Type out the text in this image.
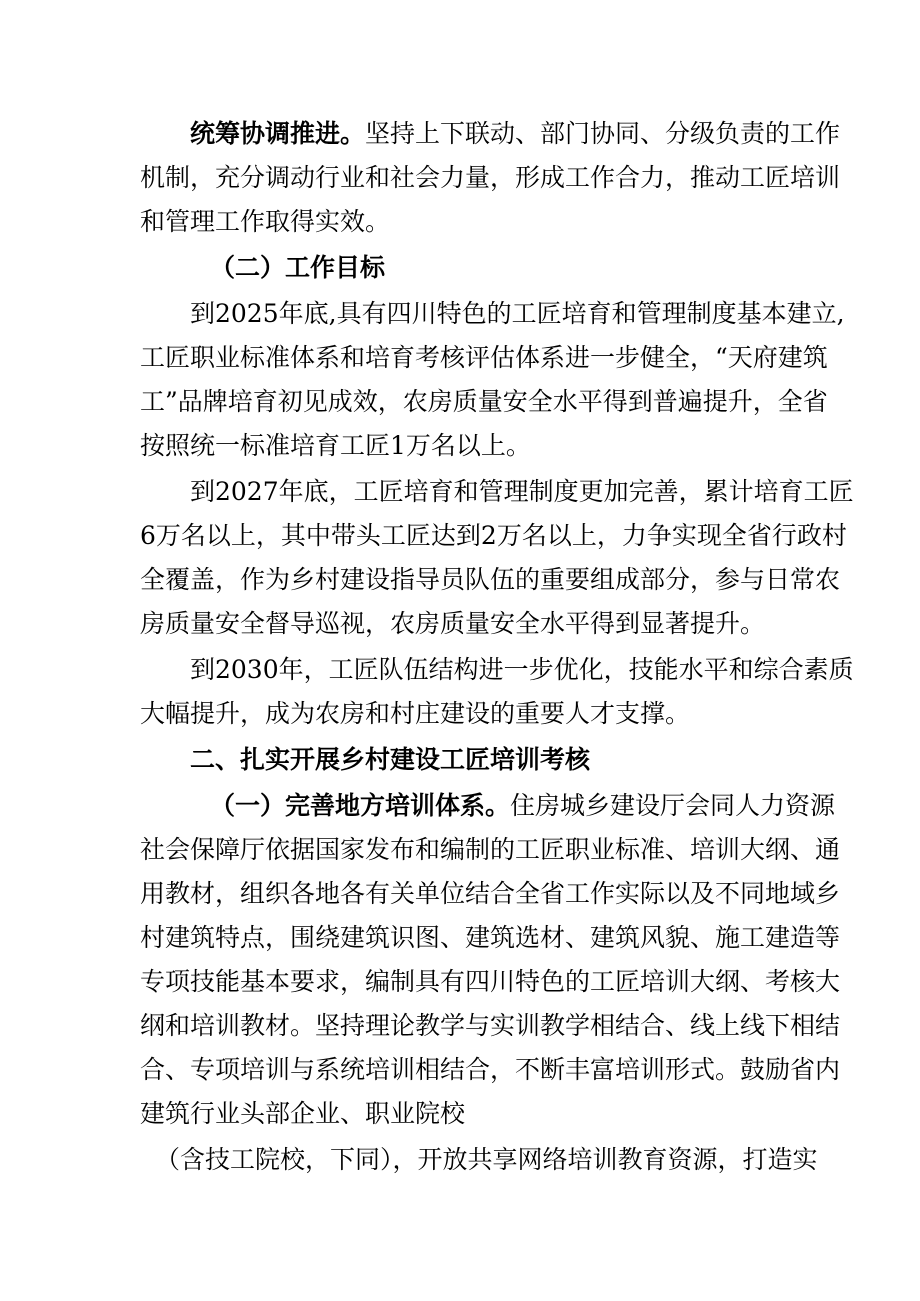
统筹协调推进。坚持上下联动、部门协同、分级负责的工作
机制，充分调动行业和社会力量，形成工作合力，推动工匠培训
和管理工作取得实效。
（二）工作目标
到2025年底,具有四川特色的工匠培育和管理制度基本建立,
工匠职业标准体系和培育考核评估体系进一步健全，“天府建筑
工”品牌培育初见成效，农房质量安全水平得到普遍提升，全省
按照统一标准培育工匠1万名以上。
到2027年底，工匠培育和管理制度更加完善，累计培育工匠
6万名以上，其中带头工匠达到2万名以上，力争实现全省行政村
全覆盖，作为乡村建设指导员队伍的重要组成部分，参与日常农
房质量安全督导巡视，农房质量安全水平得到显著提升。
到2030年，工匠队伍结构进一步优化，技能水平和综合素质
大幅提升，成为农房和村庄建设的重要人才支撑。
二、扎实开展乡村建设工匠培训考核
（一）完善地方培训体系。住房城乡建设厅会同人力资源
社会保障厅依据国家发布和编制的工匠职业标准、培训大纲、通
用教材，组织各地各有关单位结合全省工作实际以及不同地域乡
村建筑特点，围绕建筑识图、建筑选材、建筑风貌、施工建造等
专项技能基本要求，编制具有四川特色的工匠培训大纲、考核大
纲和培训教材。坚持理论教学与实训教学相结合、线上线下相结
合、专项培训与系统培训相结合，不断丰富培训形式。鼓励省内
建筑行业头部企业、职业院校
（含技工院校，下同），开放共享网络培训教育资源，打造实
